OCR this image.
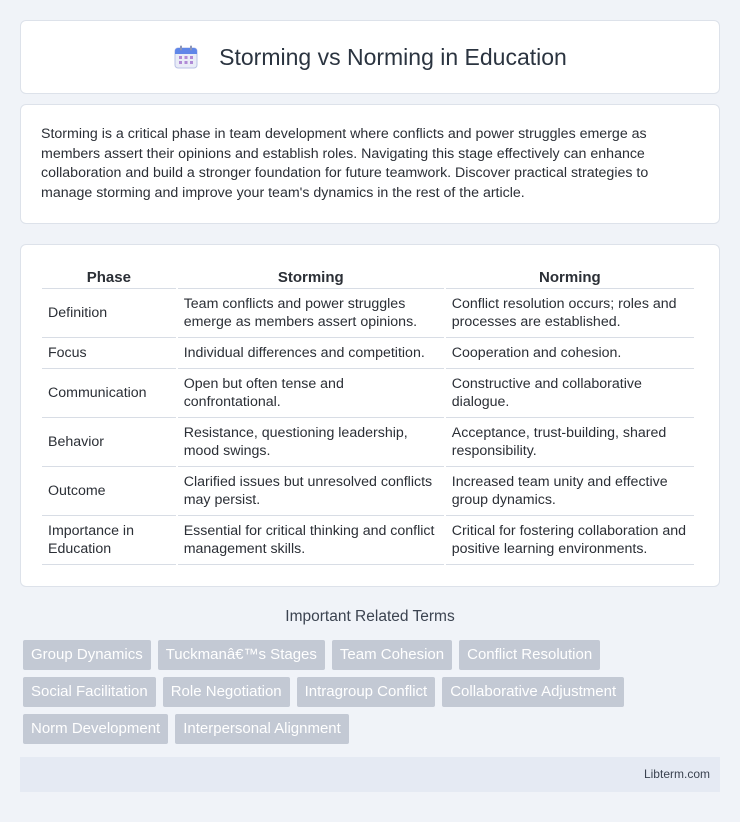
Storming vs Norming in Education

Storming is a critical phase in team development where conflicts and power struggles emerge as members assert their opinions and establish roles. Navigating this stage effectively can enhance collaboration and build a stronger foundation for future teamwork. Discover practical strategies to manage storming and improve your team's dynamics in the rest of the article.

Phase	Storming	Norming
Definition	Team conflicts and power struggles emerge as members assert opinions.	Conflict resolution occurs; roles and processes are established.
Focus	Individual differences and competition.	Cooperation and cohesion.
Communication	Open but often tense and confrontational.	Constructive and collaborative dialogue.
Behavior	Resistance, questioning leadership, mood swings.	Acceptance, trust-building, shared responsibility.
Outcome	Clarified issues but unresolved conflicts may persist.	Increased team unity and effective group dynamics.
Importance in Education	Essential for critical thinking and conflict management skills.	Critical for fostering collaboration and positive learning environments.
Important Related Terms
Group Dynamics	Tuckmanâ€™s Stages	Team Cohesion	Conflict Resolution
Social Facilitation	Role Negotiation	Intragroup Conflict	Collaborative Adjustment
Norm Development	Interpersonal Alignment
Libterm.com
